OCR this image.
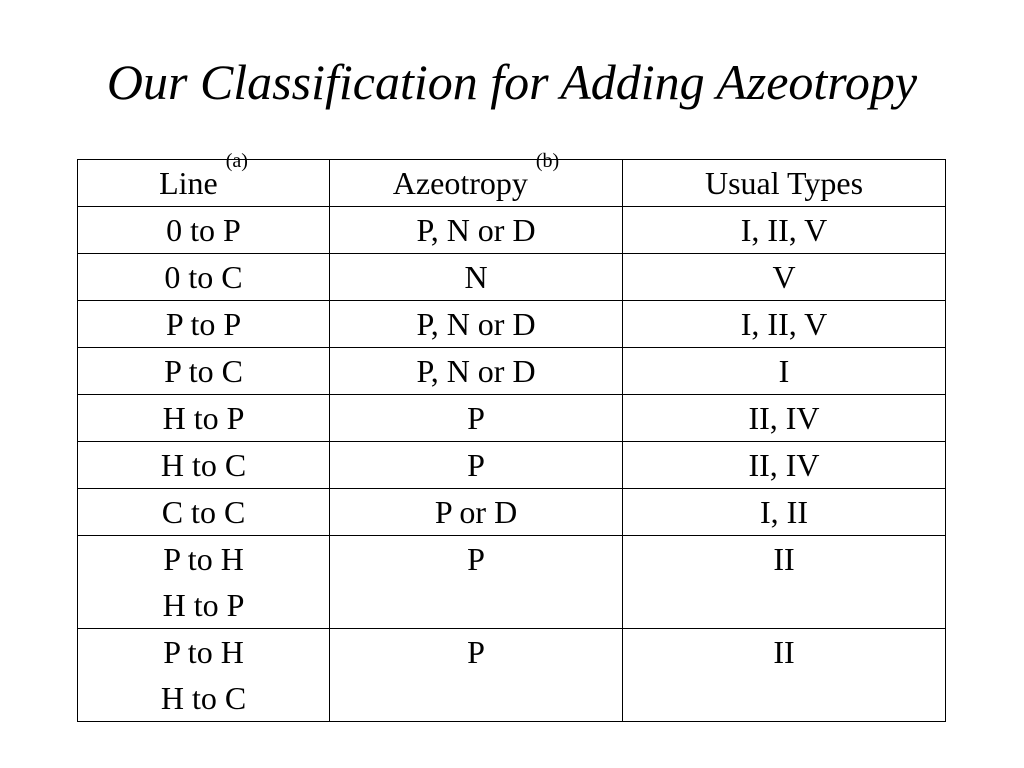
Our Classification for Adding Azeotropy
Line $^{(a)}$	Azeotropy $^{(b)}$	Usual Types

0 to P	P, N or D	I, II, V

0 to C	N	V

P to P	P, N or D	I, II, V

P to C	P, N or D	I

H to P	P	II, IV

H to C	P	II, IV

C to C	P or D	I, II

P to H
H to P	P	II

P to H
H to C	P	II
